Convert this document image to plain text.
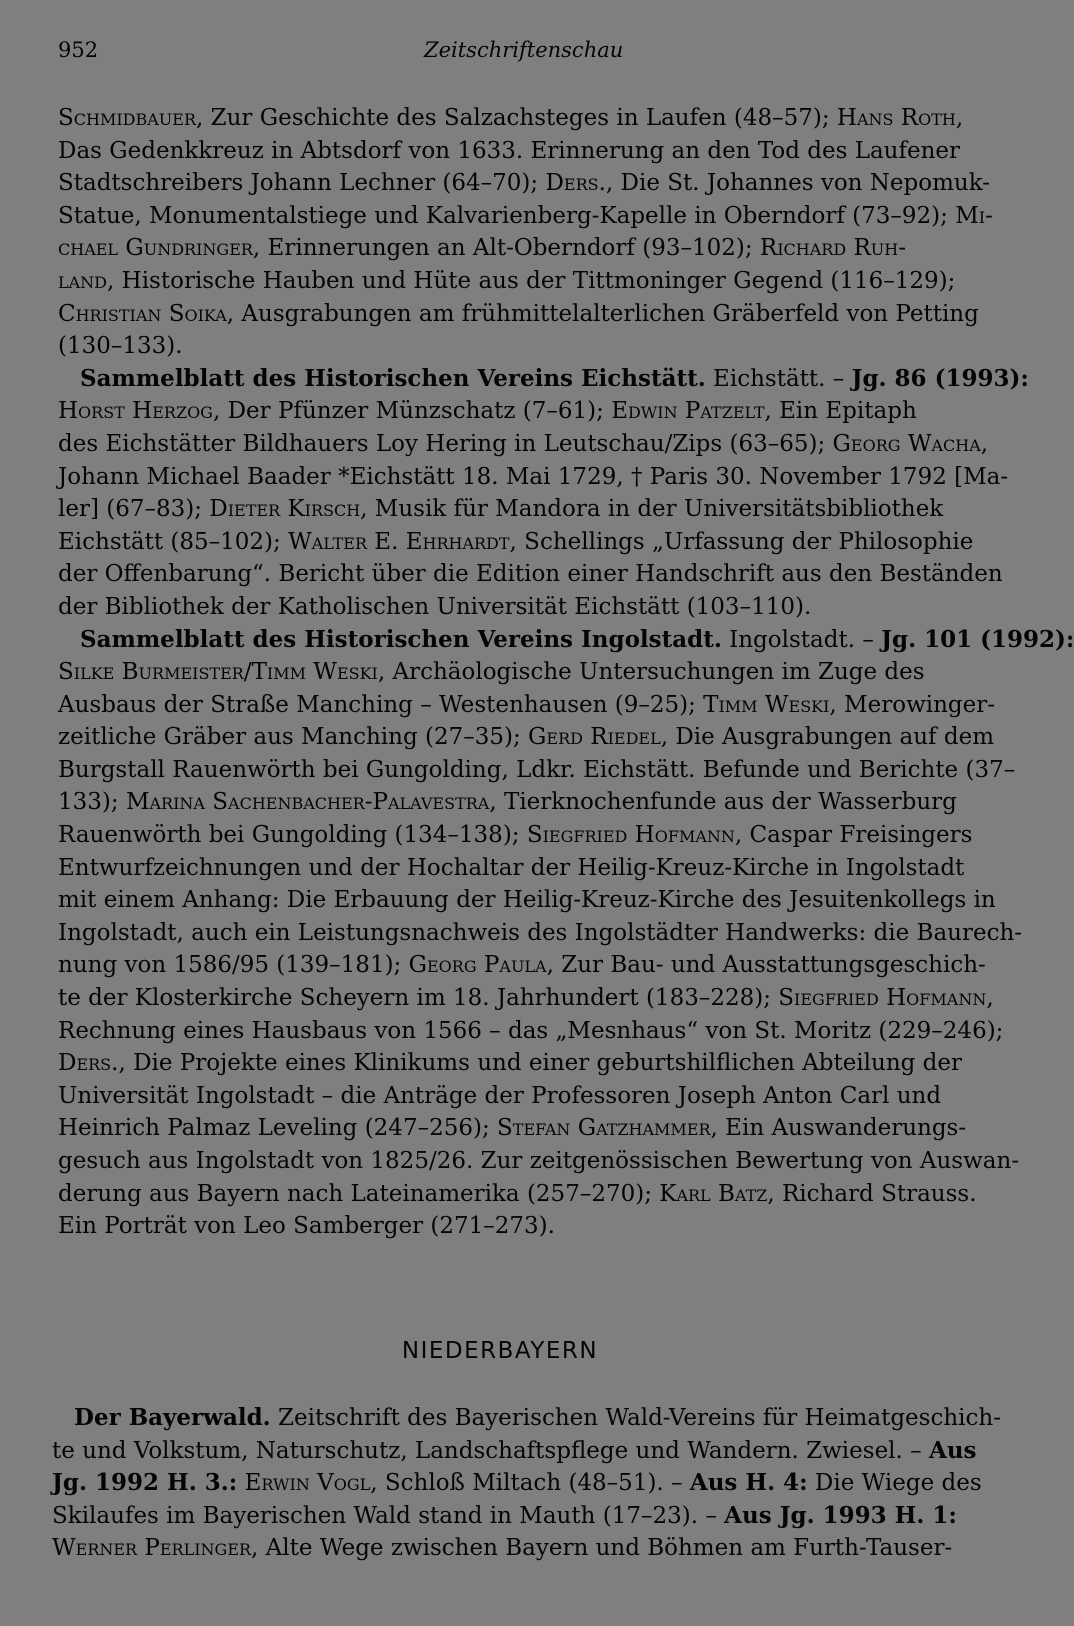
952	Zeitschriftenschau
Schmidbauer, Zur Geschichte des Salzachsteges in Laufen (48–57); Hans Roth,
Das Gedenkkreuz in Abtsdorf von 1633. Erinnerung an den Tod des Laufener
Stadtschreibers Johann Lechner (64–70); Ders., Die St. Johannes von Nepomuk-
Statue, Monumentalstiege und Kalvarienberg-Kapelle in Oberndorf (73–92); Mi-
chael Gundringer, Erinnerungen an Alt-Oberndorf (93–102); Richard Ruh-
land, Historische Hauben und Hüte aus der Tittmoninger Gegend (116–129);
Christian Soika, Ausgrabungen am frühmittelalterlichen Gräberfeld von Petting
(130–133).
Sammelblatt des Historischen Vereins Eichstätt. Eichstätt. – Jg. 86 (1993):
Horst Herzog, Der Pfünzer Münzschatz (7–61); Edwin Patzelt, Ein Epitaph
des Eichstätter Bildhauers Loy Hering in Leutschau/Zips (63–65); Georg Wacha,
Johann Michael Baader *Eichstätt 18. Mai 1729, † Paris 30. November 1792 [Ma-
ler] (67–83); Dieter Kirsch, Musik für Mandora in der Universitätsbibliothek
Eichstätt (85–102); Walter E. Ehrhardt, Schellings „Urfassung der Philosophie
der Offenbarung“. Bericht über die Edition einer Handschrift aus den Beständen
der Bibliothek der Katholischen Universität Eichstätt (103–110).
Sammelblatt des Historischen Vereins Ingolstadt. Ingolstadt. – Jg. 101 (1992):
Silke Burmeister/Timm Weski, Archäologische Untersuchungen im Zuge des
Ausbaus der Straße Manching – Westenhausen (9–25); Timm Weski, Merowinger-
zeitliche Gräber aus Manching (27–35); Gerd Riedel, Die Ausgrabungen auf dem
Burgstall Rauenwörth bei Gungolding, Ldkr. Eichstätt. Befunde und Berichte (37–
133); Marina Sachenbacher-Palavestra, Tierknochenfunde aus der Wasserburg
Rauenwörth bei Gungolding (134–138); Siegfried Hofmann, Caspar Freisingers
Entwurfzeichnungen und der Hochaltar der Heilig-Kreuz-Kirche in Ingolstadt
mit einem Anhang: Die Erbauung der Heilig-Kreuz-Kirche des Jesuitenkollegs in
Ingolstadt, auch ein Leistungsnachweis des Ingolstädter Handwerks: die Baurech-
nung von 1586/95 (139–181); Georg Paula, Zur Bau- und Ausstattungsgeschich-
te der Klosterkirche Scheyern im 18. Jahrhundert (183–228); Siegfried Hofmann,
Rechnung eines Hausbaus von 1566 – das „Mesnhaus“ von St. Moritz (229–246);
Ders., Die Projekte eines Klinikums und einer geburtshilflichen Abteilung der
Universität Ingolstadt – die Anträge der Professoren Joseph Anton Carl und
Heinrich Palmaz Leveling (247–256); Stefan Gatzhammer, Ein Auswanderungs-
gesuch aus Ingolstadt von 1825/26. Zur zeitgenössischen Bewertung von Auswan-
derung aus Bayern nach Lateinamerika (257–270); Karl Batz, Richard Strauss.
Ein Porträt von Leo Samberger (271–273).
NIEDERBAYERN
Der Bayerwald. Zeitschrift des Bayerischen Wald-Vereins für Heimatgeschich-
te und Volkstum, Naturschutz, Landschaftspflege und Wandern. Zwiesel. – Aus
Jg. 1992 H. 3.: Erwin Vogl, Schloß Miltach (48–51). – Aus H. 4: Die Wiege des
Skilaufes im Bayerischen Wald stand in Mauth (17–23). – Aus Jg. 1993 H. 1:
Werner Perlinger, Alte Wege zwischen Bayern und Böhmen am Furth-Tauser-
